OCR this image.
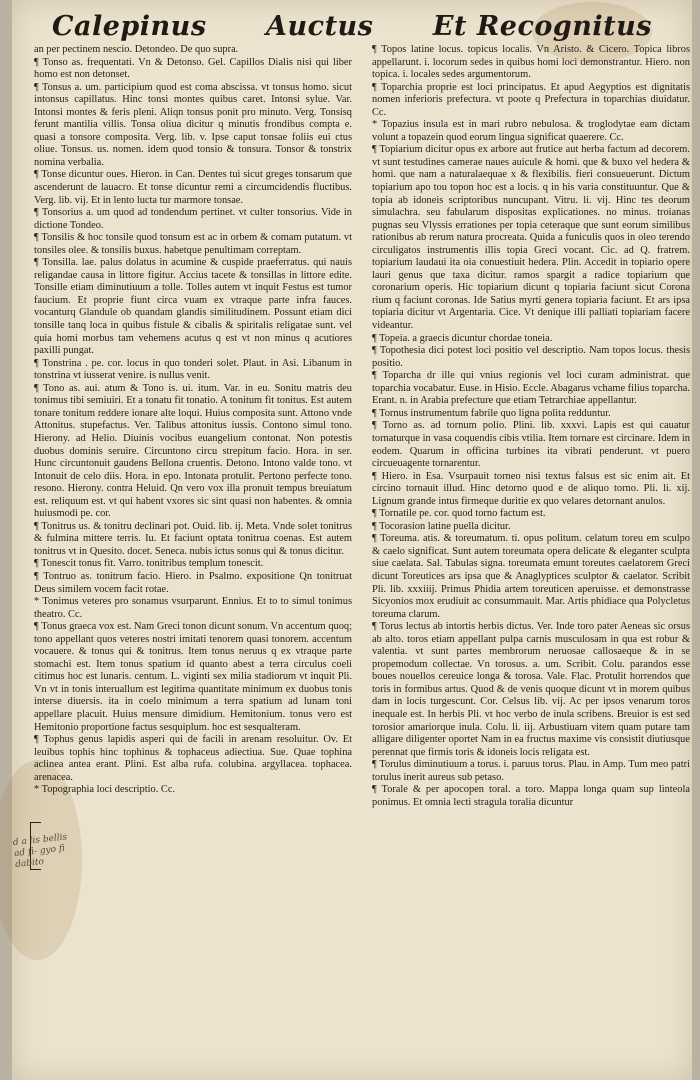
Calepinus Auctus Et Recognitus

an per pectinem nescio. Detondeo. De quo supra.

¶ Tonso as. frequentati. Vn & Detonso. Gel. Capillos Dialis nisi qui liber homo est non detonset.

¶ Tonsus a. um. participium quod est coma abscissa. vt tonsus homo. sicut intonsus capillatus. Hinc tonsi montes quibus caret. Intonsi sylue. Var. Intonsi montes & feris pleni. Aliqn tonsus ponit pro minuto. Verg. Tonsisq ferunt mantilia villis. Tonsa oliua dicitur q minutis frondibus compta e. quasi a tonsore composita. Verg. lib. v. Ipse caput tonsae foliis eui ctus oliue. Tonsus. us. nomen. idem quod tonsio & tonsura. Tonsor & tonstrix nomina verbalia.

¶ Tonse dicuntur oues. Hieron. in Can. Dentes tui sicut greges tonsarum que ascenderunt de lauacro. Et tonse dicuntur remi a circumcidendis fluctibus. Verg. lib. vij. Et in lento lucta tur marmore tonsae.

¶ Tonsorius a. um quod ad tondendum pertinet. vt culter tonsorius. Vide in dictione Tondeo.

¶ Tonsilis & hoc tonsile quod tonsum est ac in orbem & comam putatum. vt tonsiles olee. & tonsilis buxus. habetque penultimam correptam.

¶ Tonsilla. lae. palus dolatus in acumine & cuspide praeferratus. qui nauis religandae causa in littore figitur. Accius tacete & tonsillas in littore edite. Tonsille etiam diminutiuum a tolle. Tolles autem vt inquit Festus est tumor faucium. Et proprie fiunt circa vuam ex vtraque parte infra fauces. vocanturq Glandule ob quandam glandis similitudinem. Possunt etiam dici tonsille tanq loca in quibus fistule & cibalis & spiritalis religatae sunt. vel quia homi morbus tam vehemens acutus q est vt non minus q acutiores paxilli pungat.

¶ Tonstrina . pe. cor. locus in quo tonderi solet. Plaut. in Asi. Libanum in tonstrina vt iusserat venire. is nullus venit.

¶ Tono as. aui. atum & Tono is. ui. itum. Var. in eu. Sonitu matris deu tonimus tibi semiuiri. Et a tonatu fit tonatio. A tonitum fit tonitus. Est autem tonare tonitum reddere ionare alte loqui. Huius composita sunt. Attono vnde Attonitus. stupefactus. Ver. Talibus attonitus iussis. Contono simul tono. Hierony. ad Helio. Diuinis vocibus euangelium contonat. Non potestis duobus dominis seruire. Circuntono circu strepitum facio. Hora. in ser. Hunc circuntonuit gaudens Bellona cruentis. Detono. Intono valde tono. vt Intonuit de celo diis. Hora. in epo. Intonata protulit. Pertono perfecte tono. resono. Hierony. contra Heluid. Qn vero vox illa pronuit tempus breuiatum est. reliquum est. vt qui habent vxores sic sint quasi non habentes. & omnia huiusmodi pe. cor.

¶ Tonitrus us. & tonitru declinari pot. Ouid. lib. ij. Meta. Vnde solet tonitrus & fulmina mittere terris. Iu. Et faciunt optata tonitrua coenas. Est autem tonitrus vt in Quesito. docet. Seneca. nubis ictus sonus qui & tonus dicitur.

¶ Tonescit tonus fit. Varro. tonitribus templum tonescit.

¶ Tontruo as. tonitrum facio. Hiero. in Psalmo. expositione Qn tonitruat Deus similem vocem facit rotae.

* Tonimus veteres pro sonamus vsurparunt. Ennius. Et to to simul tonimus theatro. Cc.

¶ Tonus graeca vox est. Nam Greci tonon dicunt sonum. Vn accentum quoq; tono appellant quos veteres nostri imitati tenorem quasi tonorem. accentum vocauere. & tonus qui & tonitrus. Item tonus neruus q ex vtraque parte stomachi est. Item tonus spatium id quanto abest a terra circulus coeli citimus hoc est lunaris. centum. L. viginti sex milia stadiorum vt inquit Pli. Vn vt in tonis interuallum est legitima quantitate minimum ex duobus tonis interse diuersis. ita in coelo minimum a terra spatium ad lunam toni appellare placuit. Huius mensure dimidium. Hemitonium. tonus vero est Hemitonio proportione factus sesquiplum. hoc est sesqualteram.

¶ Tophus genus lapidis asperi qui de facili in arenam resoluitur. Ov. Et leuibus tophis hinc tophinus & tophaceus adiectiua. Sue. Quae tophina aclinea antea erant. Plini. Est alba rufa. colubina. argyllacea. tophacea. arenacea.

* Topographia loci descriptio. Cc.

¶ Topos latine locus. topicus localis. Vn Aristo. & Cicero. Topica libros appellarunt. i. locorum sedes in quibus homi loci demonstrantur. Hiero. non topica. i. locales sedes argumentorum.

¶ Toparchia proprie est loci principatus. Et apud Aegyptios est dignitatis nomen inferioris prefectura. vt poote q Prefectura in toparchias diuidatur. Cc.

* Topazius insula est in mari rubro nebulosa. & troglodytae eam dictam volunt a topazein quod eorum lingua significat quaerere. Cc.

¶ Topiarium dicitur opus ex arbore aut frutice aut herba factum ad decorem. vt sunt testudines camerae naues auicule & homi. que & buxo vel hedera & homi. que nam a naturalaequae x & flexibilis. fieri consueuerunt. Dictum topiarium apo tou topon hoc est a locis. q in his varia constituuntur. Que & topia ab idoneis scriptoribus nuncupant. Vitru. li. vij. Hinc tes deorum simulachra. seu fabularum dispositas explicationes. no minus. troianas pugnas seu Vlyssis errationes per topia ceteraque que sunt eorum similibus rationibus ab rerum natura procreata. Quida a funiculis quos in oleo terendo circuligatos instrumentis illis topia Greci vocant. Cic. ad Q. fratrem. topiarium laudaui ita oia conuestiuit hedera. Plin. Accedit in topiario opere lauri genus que taxa dicitur. ramos spargit a radice topiarium que coronarium operis. Hic topiarium dicunt q topiaria faciunt sicut Corona rium q faciunt coronas. Ide Satius myrti genera topiaria faciunt. Et ars ipsa topiaria dicitur vt Argentaria. Cice. Vt denique illi palliati topiariam facere videantur.

¶ Topeia. a graecis dicuntur chordae toneia.

¶ Topothesia dici potest loci positio vel descriptio. Nam topos locus. thesis positio.

¶ Toparcha dr ille qui vnius regionis vel loci curam administrat. que toparchia vocabatur. Euse. in Hisio. Eccle. Abagarus vchame filius toparcha. Erant. n. in Arabia prefecture que etiam Tetrarchiae appellantur.

¶ Tornus instrumentum fabrile quo ligna polita redduntur.

¶ Torno as. ad tornum polio. Plini. lib. xxxvi. Lapis est qui cauatur tornaturque in vasa coquendis cibis vtilia. Item tornare est circinare. Idem in eodem. Quarum in officina turbines ita vibrati penderunt. vt puero circueuagente tornarentur.

¶ Hiero. in Esa. Vsurpauit torneo nisi textus falsus est sic enim ait. Et circino tornauit illud. Hinc detorno quod e de aliquo torno. Pli. li. xij. Lignum grande intus firmeque duritie ex quo velares detornant anulos.

¶ Tornatile pe. cor. quod torno factum est.

¶ Tocorasion latine puella dicitur.

¶ Toreuma. atis. & toreumatum. ti. opus politum. celatum toreu em sculpo & caelo significat. Sunt autem toreumata opera delicate & eleganter sculpta siue caelata. Sal. Tabulas signa. toreumata emunt toreutes caelatorem Greci dicunt Toreutices ars ipsa que & Anaglyptices sculptor & caelator. Scribit Pli. lib. xxxiiij. Primus Phidia artem toreuticen aperuisse. et demonstrasse Sicyonios mox erudiuit ac consummauit. Mar. Artis phidiace qua Polycletus toreuma clarum.

¶ Torus lectus ab intortis herbis dictus. Ver. Inde toro pater Aeneas sic orsus ab alto. toros etiam appellant pulpa carnis musculosam in qua est robur & valentia. vt sunt partes membrorum neruosae callosaeque & in se propemodum collectae. Vn torosus. a. um. Scribit. Colu. parandos esse boues nouellos cereuice longa & torosa. Vale. Flac. Protulit horrendos que toris in formibus artus. Quod & de venis quoque dicunt vt in morem quibus dam in locis turgescunt. Cor. Celsus lib. vij. Ac per ipsos venarum toros inequale est. In herbis Pli. vt hoc verbo de inula scribens. Breuior is est sed torosior amariorque inula. Colu. li. iij. Arbustiuam vitem quam putare tam alligare diligenter oportet Nam in ea fructus maxime vis consistit diutiusque perennat que firmis toris & idoneis locis religata est.

¶ Torulus diminutiuum a torus. i. paruus torus. Plau. in Amp. Tum meo patri torulus inerit aureus sub petaso.

¶ Torale & per apocopen toral. a toro. Mappa longa quam sup linteola ponimus. Et omnia lecti stragula toralia dicuntur

d a lis bellis ad fi- gyo fi dabito
